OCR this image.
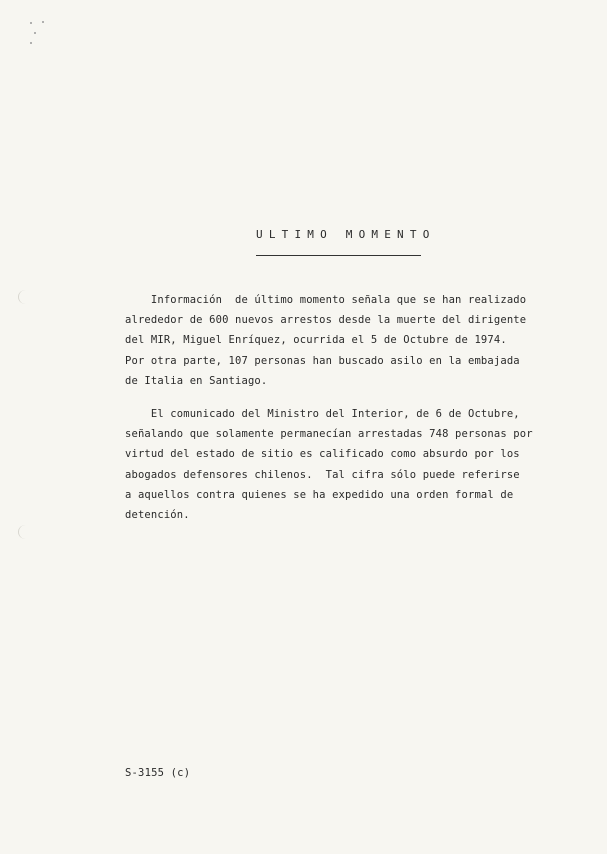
ULTIMO MOMENTO
Información  de último momento señala que se han realizado
alrededor de 600 nuevos arrestos desde la muerte del dirigente
del MIR, Miguel Enríquez, ocurrida el 5 de Octubre de 1974.
Por otra parte, 107 personas han buscado asilo en la embajada
de Italia en Santiago.
El comunicado del Ministro del Interior, de 6 de Octubre,
señalando que solamente permanecían arrestadas 748 personas por
virtud del estado de sitio es calificado como absurdo por los
abogados defensores chilenos.  Tal cifra sólo puede referirse
a aquellos contra quienes se ha expedido una orden formal de
detención.
S-3155 (c)
